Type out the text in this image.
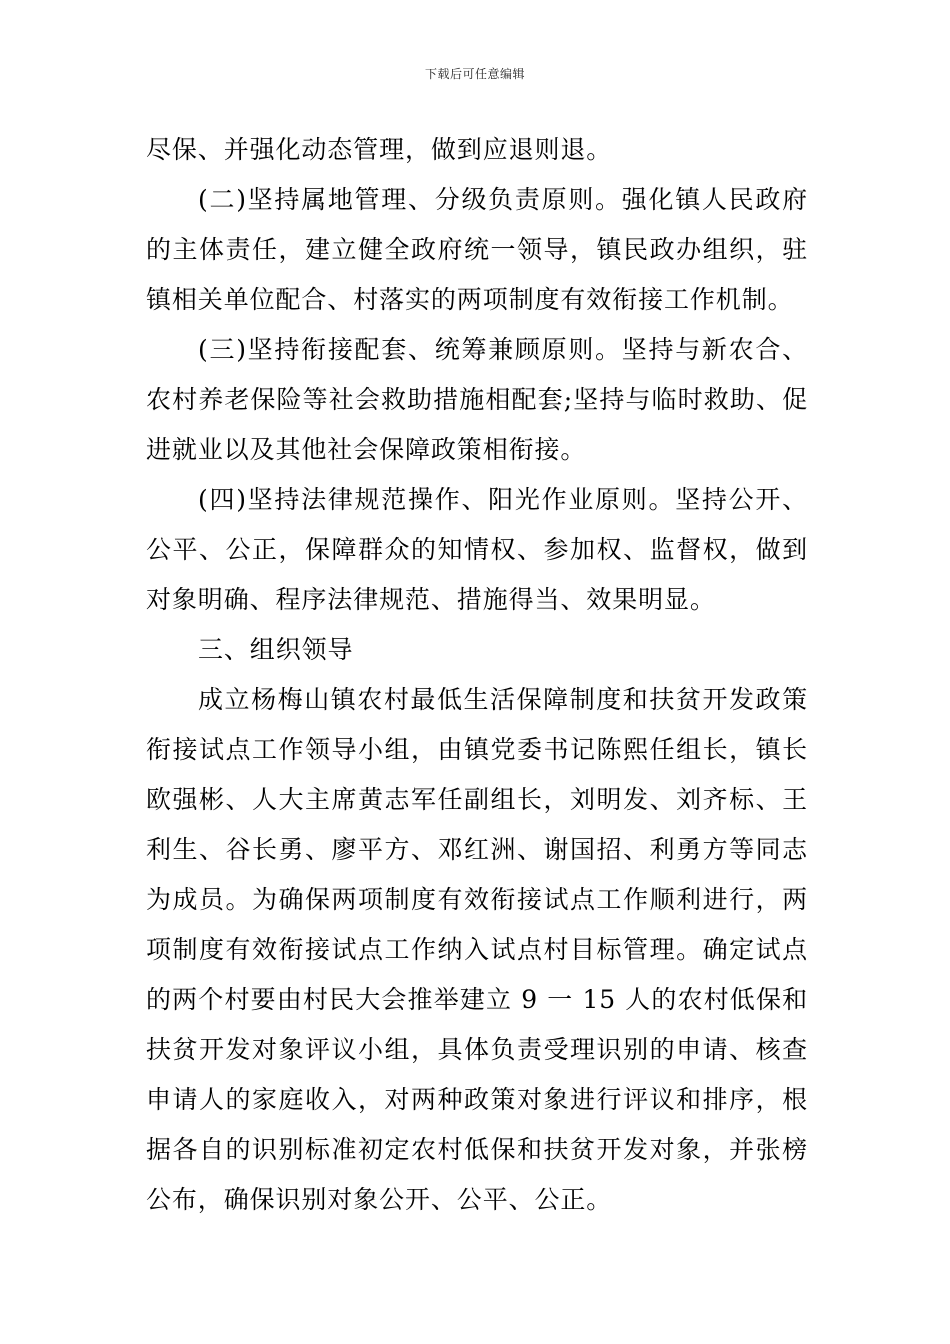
下载后可任意编辑

尽保、并强化动态管理，做到应退则退。

(二)坚持属地管理、分级负责原则。强化镇人民政府的主体责任，建立健全政府统一领导，镇民政办组织，驻镇相关单位配合、村落实的两项制度有效衔接工作机制。

(三)坚持衔接配套、统筹兼顾原则。坚持与新农合、农村养老保险等社会救助措施相配套;坚持与临时救助、促进就业以及其他社会保障政策相衔接。

(四)坚持法律规范操作、阳光作业原则。坚持公开、公平、公正，保障群众的知情权、参加权、监督权，做到对象明确、程序法律规范、措施得当、效果明显。

三、组织领导

成立杨梅山镇农村最低生活保障制度和扶贫开发政策衔接试点工作领导小组，由镇党委书记陈熙任组长，镇长欧强彬、人大主席黄志军任副组长，刘明发、刘齐标、王利生、谷长勇、廖平方、邓红洲、谢国招、利勇方等同志为成员。为确保两项制度有效衔接试点工作顺利进行，两项制度有效衔接试点工作纳入试点村目标管理。确定试点的两个村要由村民大会推举建立 9 一 15 人的农村低保和扶贫开发对象评议小组，具体负责受理识别的申请、核查申请人的家庭收入，对两种政策对象进行评议和排序，根据各自的识别标准初定农村低保和扶贫开发对象，并张榜公布，确保识别对象公开、公平、公正。
